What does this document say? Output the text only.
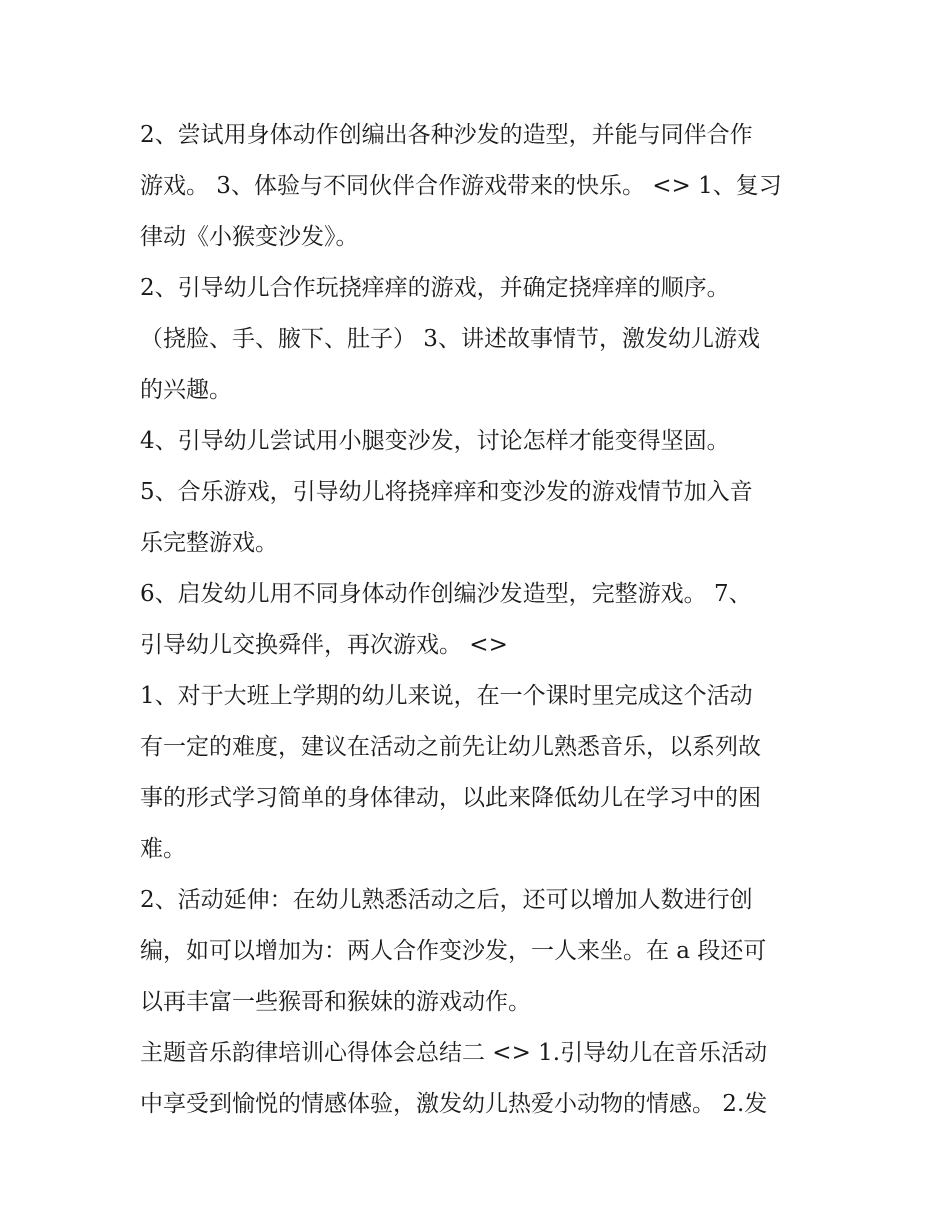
2、尝试用身体动作创编出各种沙发的造型，并能与同伴合作
游戏。 3、体验与不同伙伴合作游戏带来的快乐。 <> 1、复习
律动《小猴变沙发》。
2、引导幼儿合作玩挠痒痒的游戏，并确定挠痒痒的顺序。
（挠脸、手、腋下、肚子） 3、讲述故事情节，激发幼儿游戏
的兴趣。
4、引导幼儿尝试用小腿变沙发，讨论怎样才能变得坚固。
5、合乐游戏，引导幼儿将挠痒痒和变沙发的游戏情节加入音
乐完整游戏。
6、启发幼儿用不同身体动作创编沙发造型，完整游戏。 7、
引导幼儿交换舜伴，再次游戏。 <>
1、对于大班上学期的幼儿来说，在一个课时里完成这个活动
有一定的难度，建议在活动之前先让幼儿熟悉音乐，以系列故
事的形式学习简单的身体律动，以此来降低幼儿在学习中的困
难。
2、活动延伸：在幼儿熟悉活动之后，还可以增加人数进行创
编，如可以增加为：两人合作变沙发，一人来坐。在 a 段还可
以再丰富一些猴哥和猴妹的游戏动作。
主题音乐韵律培训心得体会总结二 <> 1.引导幼儿在音乐活动
中享受到愉悦的情感体验，激发幼儿热爱小动物的情感。 2.发
